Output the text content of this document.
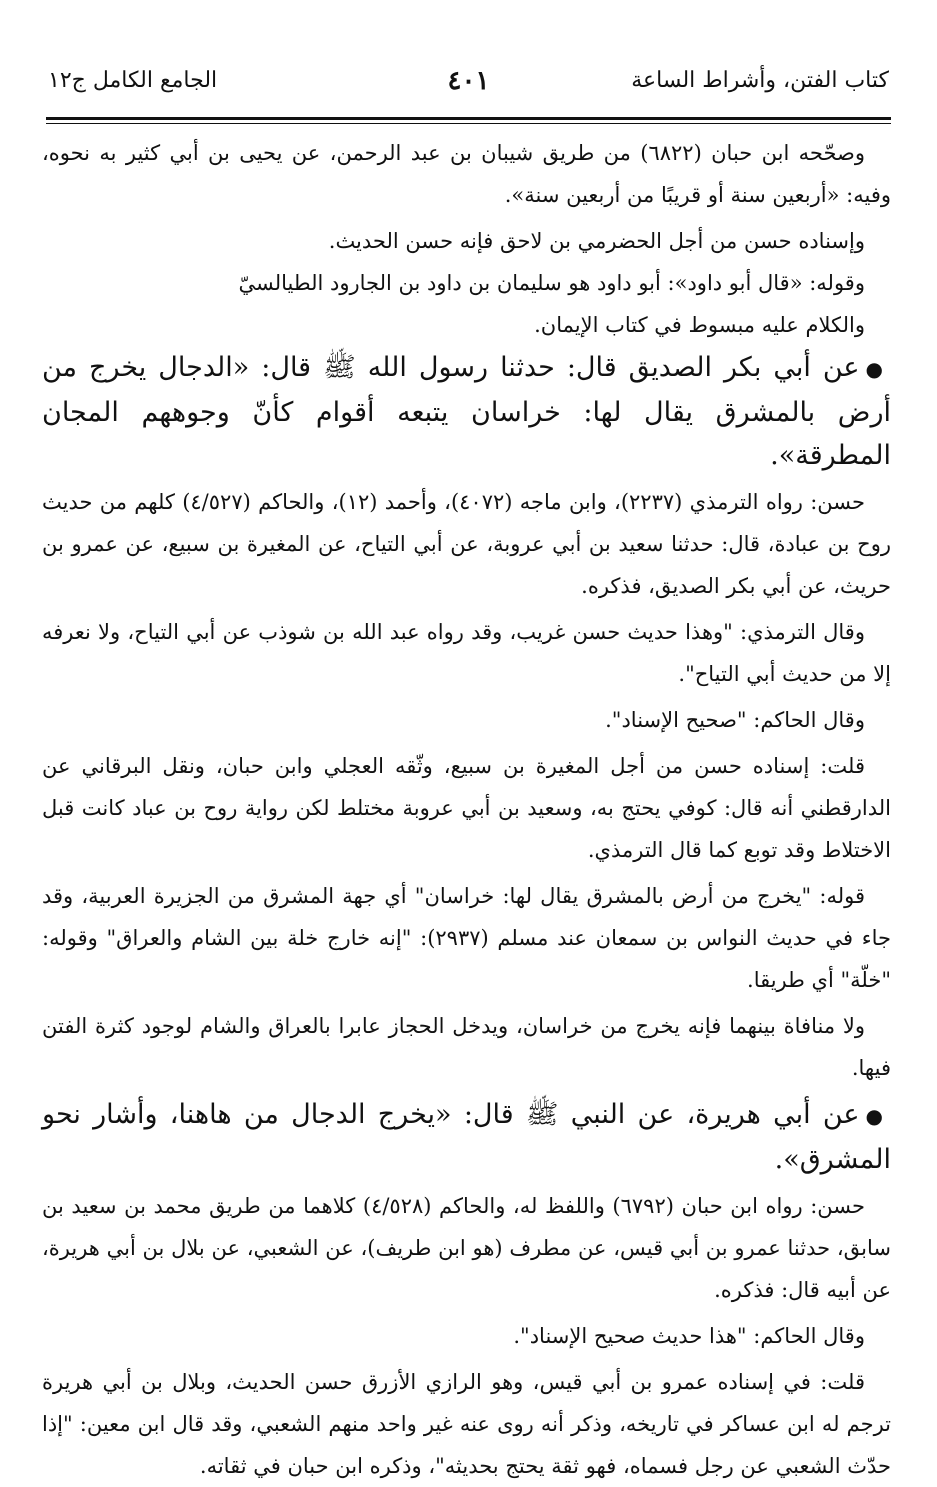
كتاب الفتن، وأشراط الساعة
٤٠١
الجامع الكامل ج١٢

وصحّحه ابن حبان (٦٨٢٢) من طريق شيبان بن عبد الرحمن، عن يحيى بن أبي كثير به نحوه، وفيه: «أربعين سنة أو قريبًا من أربعين سنة».

وإسناده حسن من أجل الحضرمي بن لاحق فإنه حسن الحديث.

وقوله: «قال أبو داود»: أبو داود هو سليمان بن داود بن الجارود الطيالسيّ

والكلام عليه مبسوط في كتاب الإيمان.

●عن أبي بكر الصديق قال: حدثنا رسول الله ﷺ قال: «الدجال يخرج من أرض بالمشرق يقال لها: خراسان يتبعه أقوام كأنّ وجوههم المجان المطرقة».

حسن: رواه الترمذي (٢٢٣٧)، وابن ماجه (٤٠٧٢)، وأحمد (١٢)، والحاكم (٤/٥٢٧) كلهم من حديث روح بن عبادة، قال: حدثنا سعيد بن أبي عروبة، عن أبي التياح، عن المغيرة بن سبيع، عن عمرو بن حريث، عن أبي بكر الصديق، فذكره.

وقال الترمذي: "وهذا حديث حسن غريب، وقد رواه عبد الله بن شوذب عن أبي التياح، ولا نعرفه إلا من حديث أبي التياح".

وقال الحاكم: "صحيح الإسناد".

قلت: إسناده حسن من أجل المغيرة بن سبيع، وثّقه العجلي وابن حبان، ونقل البرقاني عن الدارقطني أنه قال: كوفي يحتج به، وسعيد بن أبي عروبة مختلط لكن رواية روح بن عباد كانت قبل الاختلاط وقد توبع كما قال الترمذي.

قوله: "يخرج من أرض بالمشرق يقال لها: خراسان" أي جهة المشرق من الجزيرة العربية، وقد جاء في حديث النواس بن سمعان عند مسلم (٢٩٣٧): "إنه خارج خلة بين الشام والعراق" وقوله: "خلّة" أي طريقا.

ولا منافاة بينهما فإنه يخرج من خراسان، ويدخل الحجاز عابرا بالعراق والشام لوجود كثرة الفتن فيها.

●عن أبي هريرة، عن النبي ﷺ قال: «يخرج الدجال من هاهنا، وأشار نحو المشرق».

حسن: رواه ابن حبان (٦٧٩٢) واللفظ له، والحاكم (٤/٥٢٨) كلاهما من طريق محمد بن سعيد بن سابق، حدثنا عمرو بن أبي قيس، عن مطرف (هو ابن طريف)، عن الشعبي، عن بلال بن أبي هريرة، عن أبيه قال: فذكره.

وقال الحاكم: "هذا حديث صحيح الإسناد".

قلت: في إسناده عمرو بن أبي قيس، وهو الرازي الأزرق حسن الحديث، وبلال بن أبي هريرة ترجم له ابن عساكر في تاريخه، وذكر أنه روى عنه غير واحد منهم الشعبي، وقد قال ابن معين: "إذا حدّث الشعبي عن رجل فسماه، فهو ثقة يحتج بحديثه"، وذكره ابن حبان في ثقاته.
